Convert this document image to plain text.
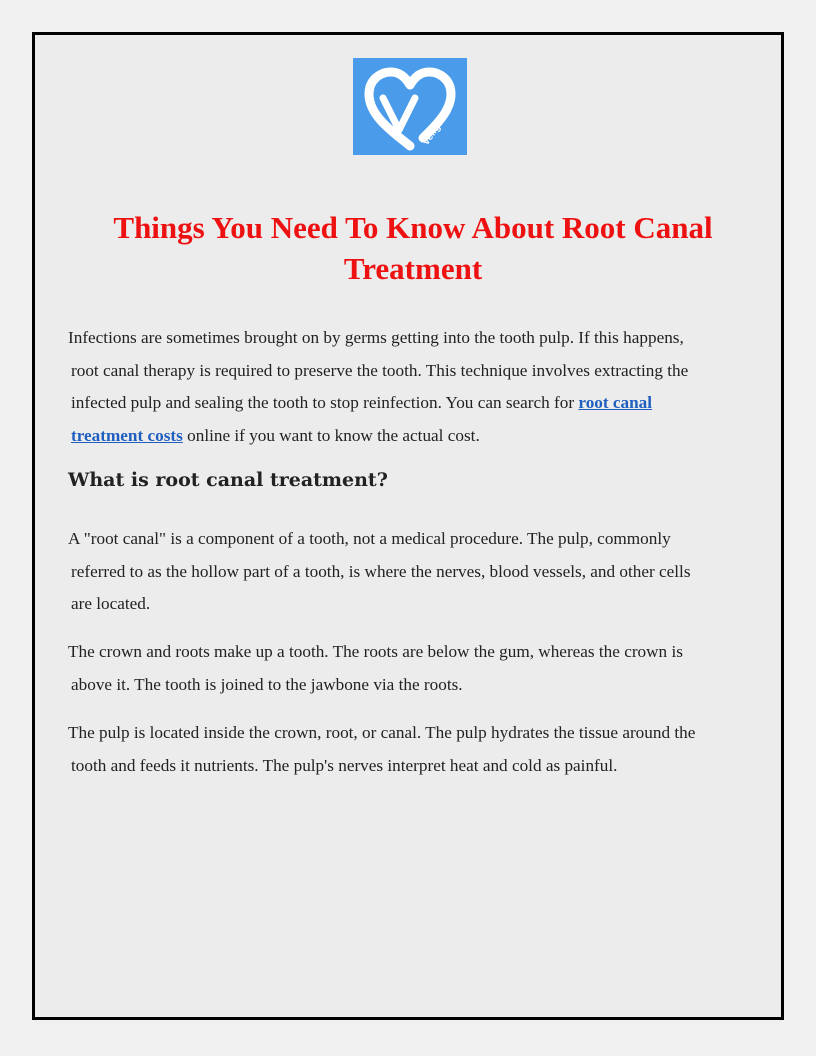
Veligdan
Things You Need To Know About Root Canal
Treatment

Infections are sometimes brought on by germs getting into the tooth pulp. If this happens,
root canal therapy is required to preserve the tooth. This technique involves extracting the
infected pulp and sealing the tooth to stop reinfection. You can search for root canal
treatment costs online if you want to know the actual cost.

What is root canal treatment?

A "root canal" is a component of a tooth, not a medical procedure. The pulp, commonly
referred to as the hollow part of a tooth, is where the nerves, blood vessels, and other cells
are located.

The crown and roots make up a tooth. The roots are below the gum, whereas the crown is
above it. The tooth is joined to the jawbone via the roots.

The pulp is located inside the crown, root, or canal. The pulp hydrates the tissue around the
tooth and feeds it nutrients. The pulp's nerves interpret heat and cold as painful.
